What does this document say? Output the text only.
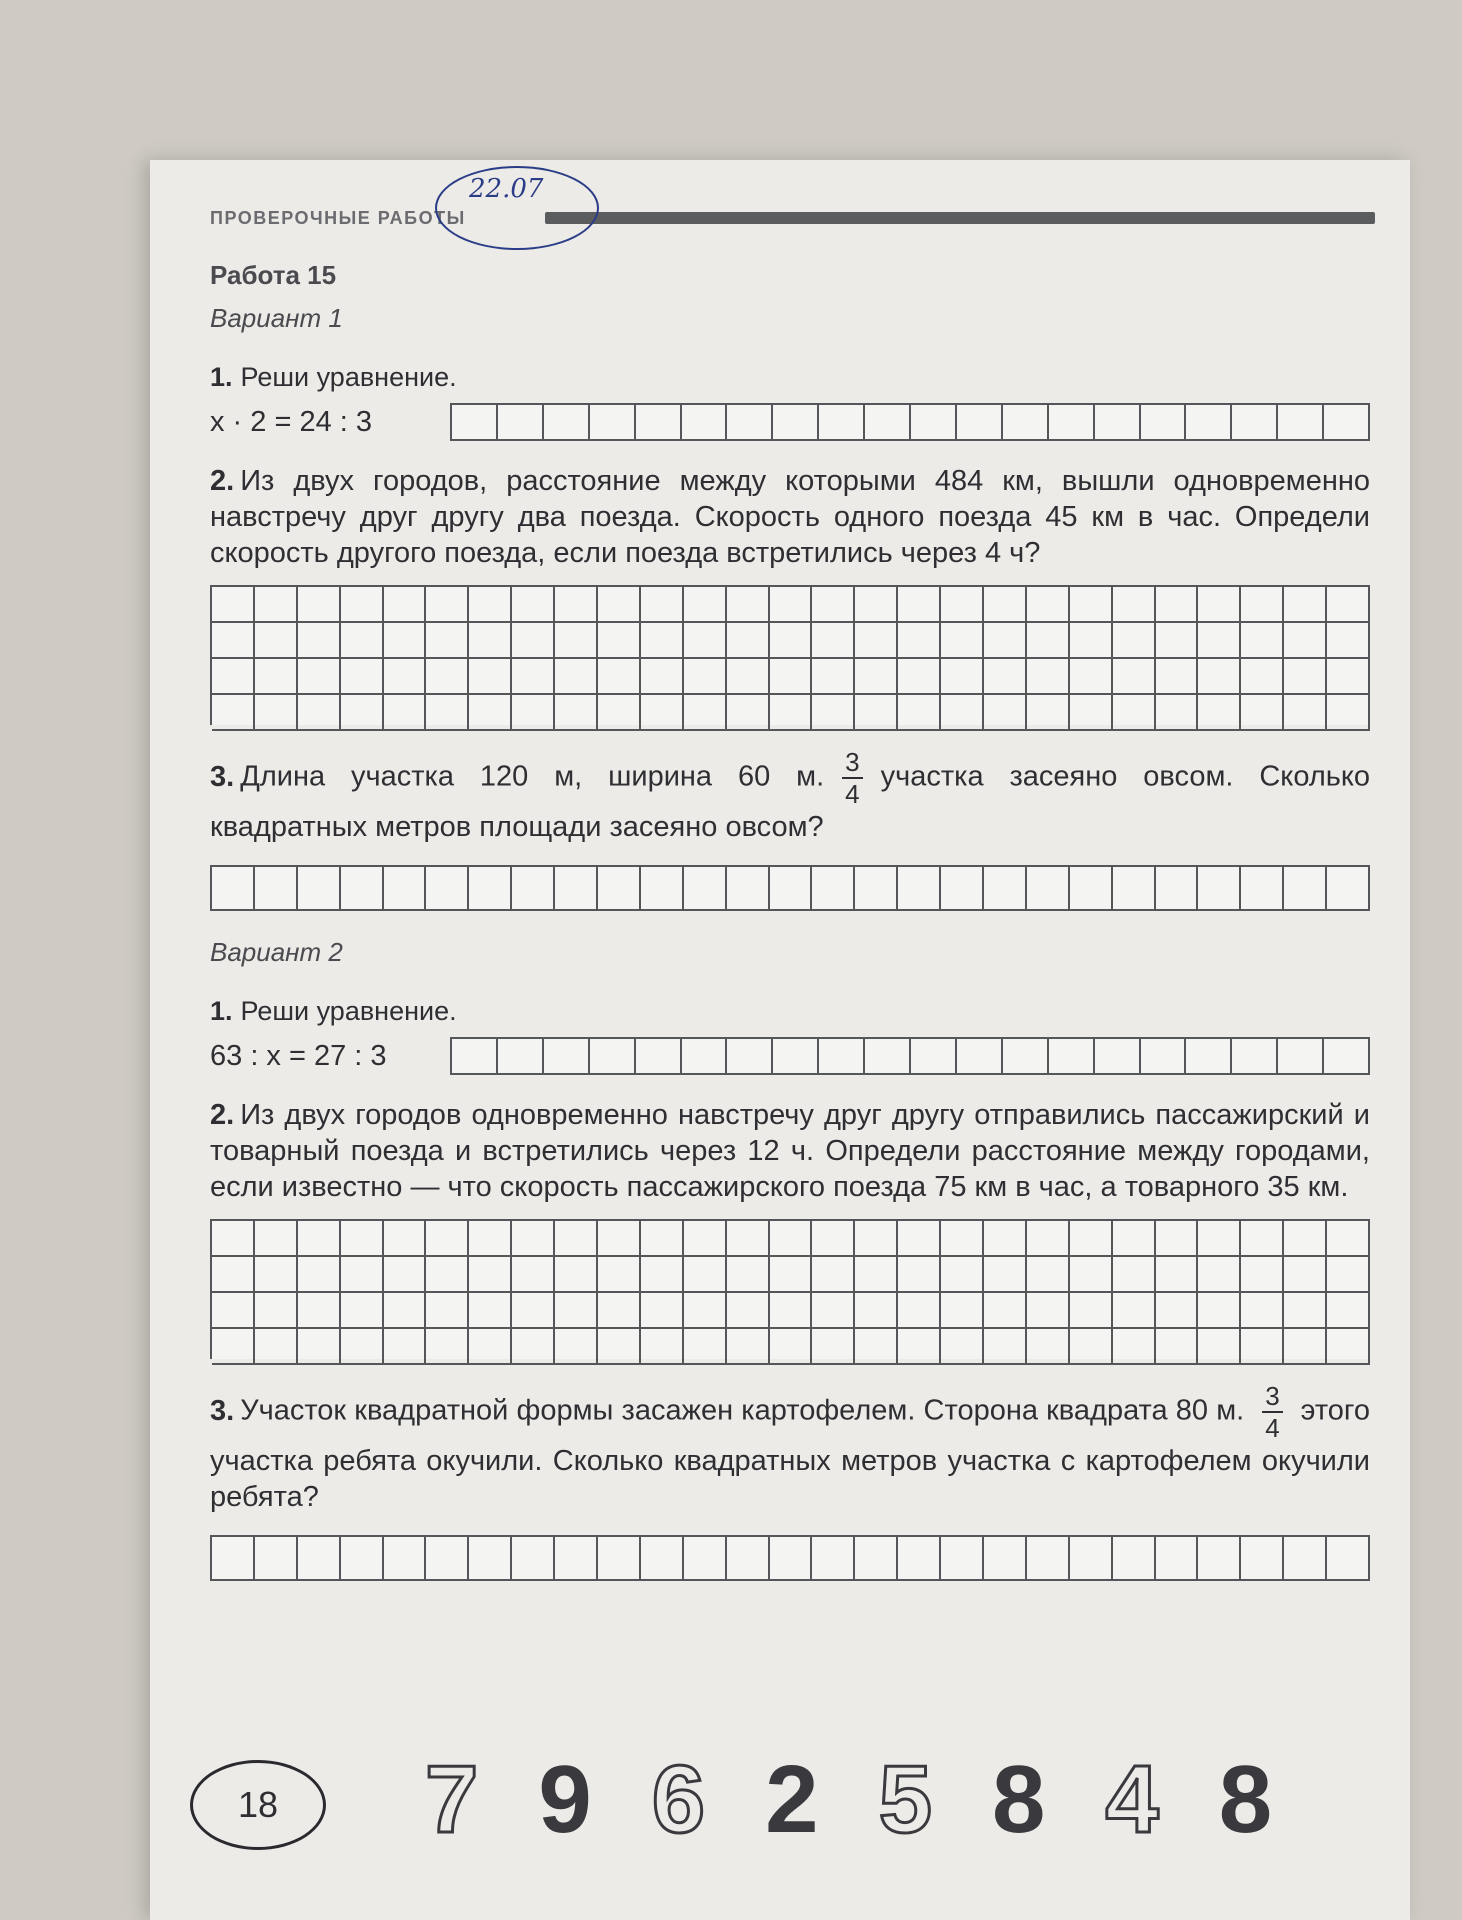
ПРОВЕРОЧНЫЕ РАБОТЫ
22.07
Работа 15
Вариант 1
1. Реши уравнение.
x · 2 = 24 : 3
2. Из двух городов, расстояние между которыми 484 км, вышли одновременно навстречу друг другу два поезда. Скорость одного поезда 45 км в час. Определи скорость другого поезда, если поезда встретились через 4 ч?
3. Длина участка 120 м, ширина 60 м. $\frac{3}{4}$ участка засеяно овсом. Сколько квадратных метров площади засеяно овсом?
Вариант 2
1. Реши уравнение.
63 : x = 27 : 3
2. Из двух городов одновременно навстречу друг другу отправились пассажирский и товарный поезда и встретились через 12 ч. Определи расстояние между городами, если известно — что скорость пассажирского поезда 75 км в час, а товарного 35 км.
3. Участок квадратной формы засажен картофелем. Сторона квадрата 80 м. $\frac{3}{4}$ этого участка ребята окучили. Сколько квадратных метров участка с картофелем окучили ребята?
18	7 9 6 2 5 8 4 8
